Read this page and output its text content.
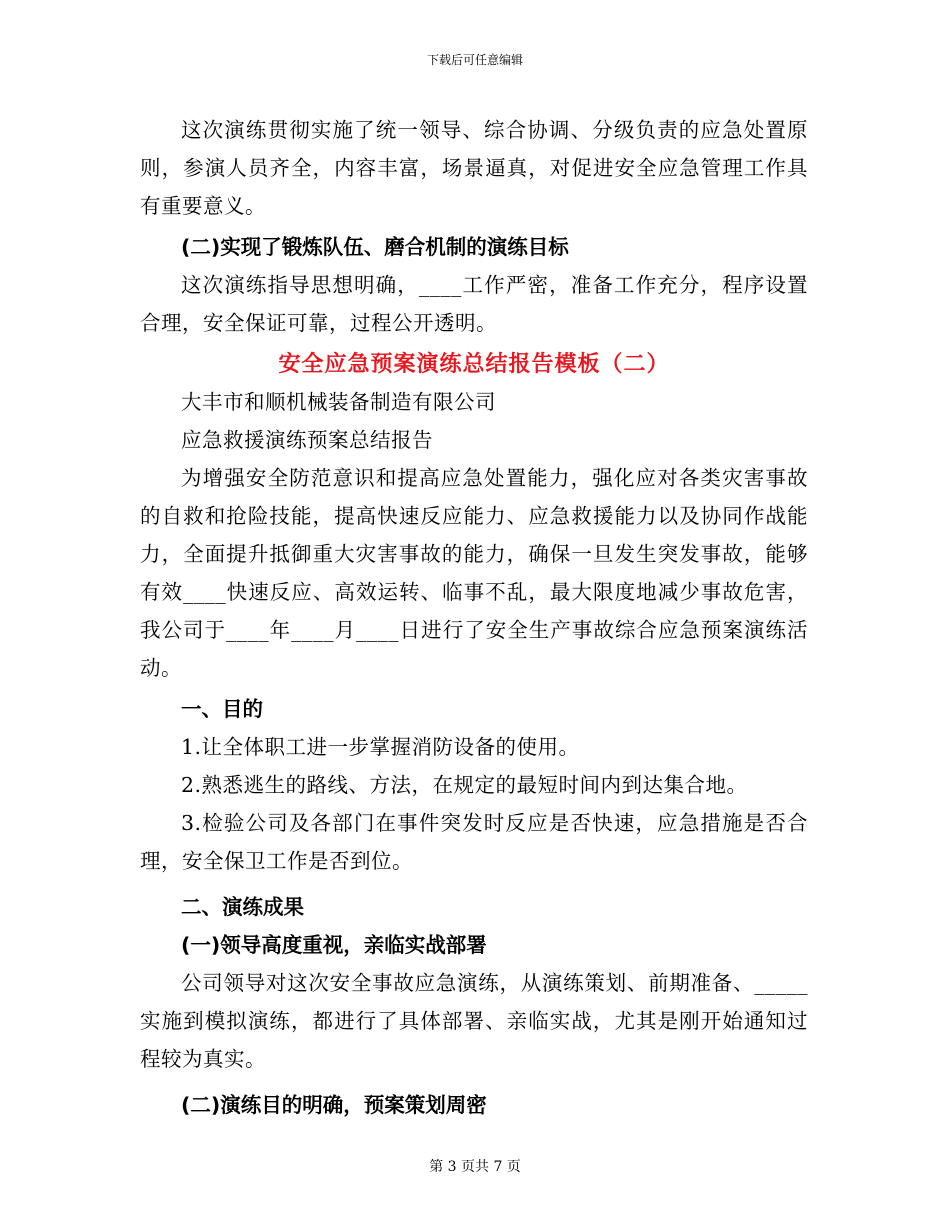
下载后可任意编辑

这次演练贯彻实施了统一领导、综合协调、分级负责的应急处置原则，参演人员齐全，内容丰富，场景逼真，对促进安全应急管理工作具有重要意义。

(二)实现了锻炼队伍、磨合机制的演练目标

这次演练指导思想明确，____工作严密，准备工作充分，程序设置合理，安全保证可靠，过程公开透明。

安全应急预案演练总结报告模板（二）

大丰市和顺机械装备制造有限公司

应急救援演练预案总结报告

为增强安全防范意识和提高应急处置能力，强化应对各类灾害事故的自救和抢险技能，提高快速反应能力、应急救援能力以及协同作战能力，全面提升抵御重大灾害事故的能力，确保一旦发生突发事故，能够有效____快速反应、高效运转、临事不乱，最大限度地减少事故危害，我公司于____年____月____日进行了安全生产事故综合应急预案演练活动。

一、目的

1.让全体职工进一步掌握消防设备的使用。

2.熟悉逃生的路线、方法，在规定的最短时间内到达集合地。

3.检验公司及各部门在事件突发时反应是否快速，应急措施是否合理，安全保卫工作是否到位。

二、演练成果

(一)领导高度重视，亲临实战部署

公司领导对这次安全事故应急演练，从演练策划、前期准备、_____实施到模拟演练，都进行了具体部署、亲临实战，尤其是刚开始通知过程较为真实。

(二)演练目的明确，预案策划周密

第 3 页共 7 页
